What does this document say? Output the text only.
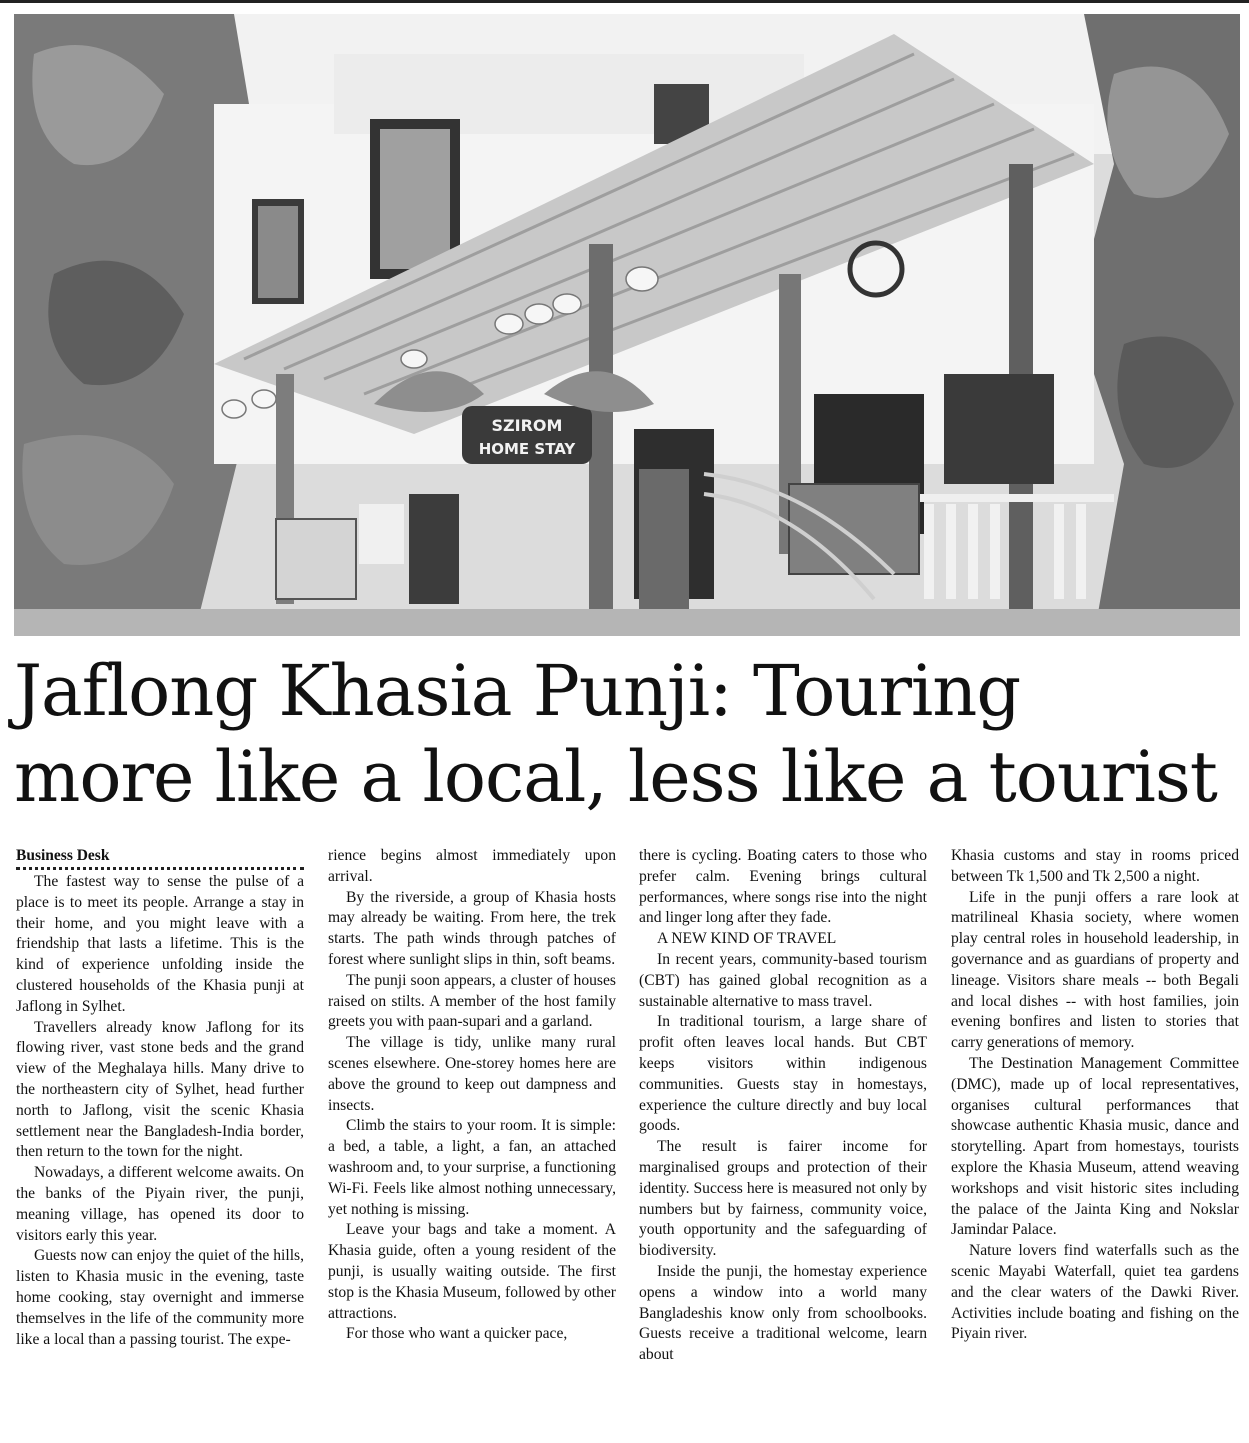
SZIROM
HOME STAY
Jaflong Khasia Punji: Touring
more like a local, less like a tourist
Business Desk

The fastest way to sense the pulse of a place is to meet its people. Arrange a stay in their home, and you might leave with a friendship that lasts a lifetime. This is the kind of experience unfolding inside the clustered households of the Khasia punji at Jaflong in Sylhet.

Travellers already know Jaflong for its flowing river, vast stone beds and the grand view of the Meghalaya hills. Many drive to the northeastern city of Sylhet, head further north to Jaflong, visit the scenic Khasia settlement near the Bangladesh-India border, then return to the town for the night.

Nowadays, a different welcome awaits. On the banks of the Piyain river, the punji, meaning village, has opened its door to visitors early this year.

Guests now can enjoy the quiet of the hills, listen to Khasia music in the evening, taste home cooking, stay overnight and immerse themselves in the life of the community more like a local than a passing tourist. The expe-

rience begins almost immediately upon arrival.

By the riverside, a group of Khasia hosts may already be waiting. From here, the trek starts. The path winds through patches of forest where sunlight slips in thin, soft beams.

The punji soon appears, a cluster of houses raised on stilts. A member of the host family greets you with paan-supari and a garland.

The village is tidy, unlike many rural scenes elsewhere. One-storey homes here are above the ground to keep out dampness and insects.

Climb the stairs to your room. It is simple: a bed, a table, a light, a fan, an attached washroom and, to your surprise, a functioning Wi-Fi. Feels like almost nothing unnecessary, yet nothing is missing.

Leave your bags and take a moment. A Khasia guide, often a young resident of the punji, is usually waiting outside. The first stop is the Khasia Museum, followed by other attractions.

For those who want a quicker pace,

there is cycling. Boating caters to those who prefer calm. Evening brings cultural performances, where songs rise into the night and linger long after they fade.

A NEW KIND OF TRAVEL

In recent years, community-based tourism (CBT) has gained global recognition as a sustainable alternative to mass travel.

In traditional tourism, a large share of profit often leaves local hands. But CBT keeps visitors within indigenous communities. Guests stay in homestays, experience the culture directly and buy local goods.

The result is fairer income for marginalised groups and protection of their identity. Success here is measured not only by numbers but by fairness, community voice, youth opportunity and the safeguarding of biodiversity.

Inside the punji, the homestay experience opens a window into a world many Bangladeshis know only from schoolbooks. Guests receive a traditional welcome, learn about

Khasia customs and stay in rooms priced between Tk 1,500 and Tk 2,500 a night.

Life in the punji offers a rare look at matrilineal Khasia society, where women play central roles in household leadership, in governance and as guardians of property and lineage. Visitors share meals -- both Begali and local dishes -- with host families, join evening bonfires and listen to stories that carry generations of memory.

The Destination Management Committee (DMC), made up of local representatives, organises cultural performances that showcase authentic Khasia music, dance and storytelling. Apart from homestays, tourists explore the Khasia Museum, attend weaving workshops and visit historic sites including the palace of the Jainta King and Nokslar Jamindar Palace.

Nature lovers find waterfalls such as the scenic Mayabi Waterfall, quiet tea gardens and the clear waters of the Dawki River. Activities include boating and fishing on the Piyain river.
